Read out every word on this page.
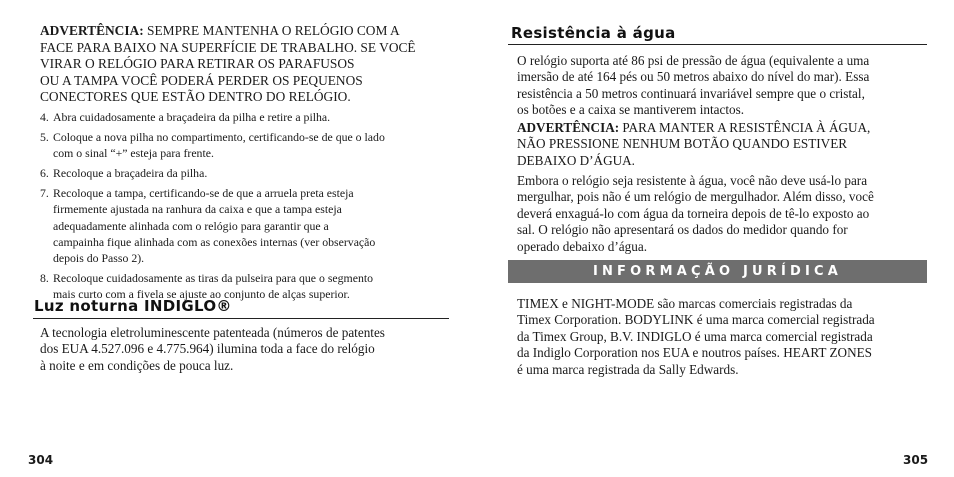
ADVERTÊNCIA: SEMPRE MANTENHA O RELÓGIO COM A
FACE PARA BAIXO NA SUPERFÍCIE DE TRABALHO. SE VOCÊ
VIRAR O RELÓGIO PARA RETIRAR OS PARAFUSOS
OU A TAMPA VOCÊ PODERÁ PERDER OS PEQUENOS
CONECTORES QUE ESTÃO DENTRO DO RELÓGIO.
4. Abra cuidadosamente a braçadeira da pilha e retire a pilha.
5. Coloque a nova pilha no compartimento, certificando-se de que o lado
com o sinal “+” esteja para frente.
6. Recoloque a braçadeira da pilha.
7. Recoloque a tampa, certificando-se de que a arruela preta esteja
firmemente ajustada na ranhura da caixa e que a tampa esteja
adequadamente alinhada com o relógio para garantir que a
campainha fique alinhada com as conexões internas (ver observação
depois do Passo 2).
8. Recoloque cuidadosamente as tiras da pulseira para que o segmento
mais curto com a fivela se ajuste ao conjunto de alças superior.
Luz noturna INDIGLO®
A tecnologia eletroluminescente patenteada (números de patentes
dos EUA 4.527.096 e 4.775.964) ilumina toda a face do relógio
à noite e em condições de pouca luz.
304
Resistência à água
O relógio suporta até 86 psi de pressão de água (equivalente a uma
imersão de até 164 pés ou 50 metros abaixo do nível do mar). Essa
resistência a 50 metros continuará invariável sempre que o cristal,
os botões e a caixa se mantiverem intactos.
ADVERTÊNCIA: PARA MANTER A RESISTÊNCIA À ÁGUA,
NÃO PRESSIONE NENHUM BOTÃO QUANDO ESTIVER
DEBAIXO D’ÁGUA.
Embora o relógio seja resistente à água, você não deve usá-lo para
mergulhar, pois não é um relógio de mergulhador. Além disso, você
deverá enxaguá-lo com água da torneira depois de tê-lo exposto ao
sal. O relógio não apresentará os dados do medidor quando for
operado debaixo d’água.
INFORMAÇÃO JURÍDICA
TIMEX e NIGHT-MODE são marcas comerciais registradas da
Timex Corporation. BODYLINK é uma marca comercial registrada
da Timex Group, B.V. INDIGLO é uma marca comercial registrada
da Indiglo Corporation nos EUA e noutros países. HEART ZONES
é uma marca registrada da Sally Edwards.
305
